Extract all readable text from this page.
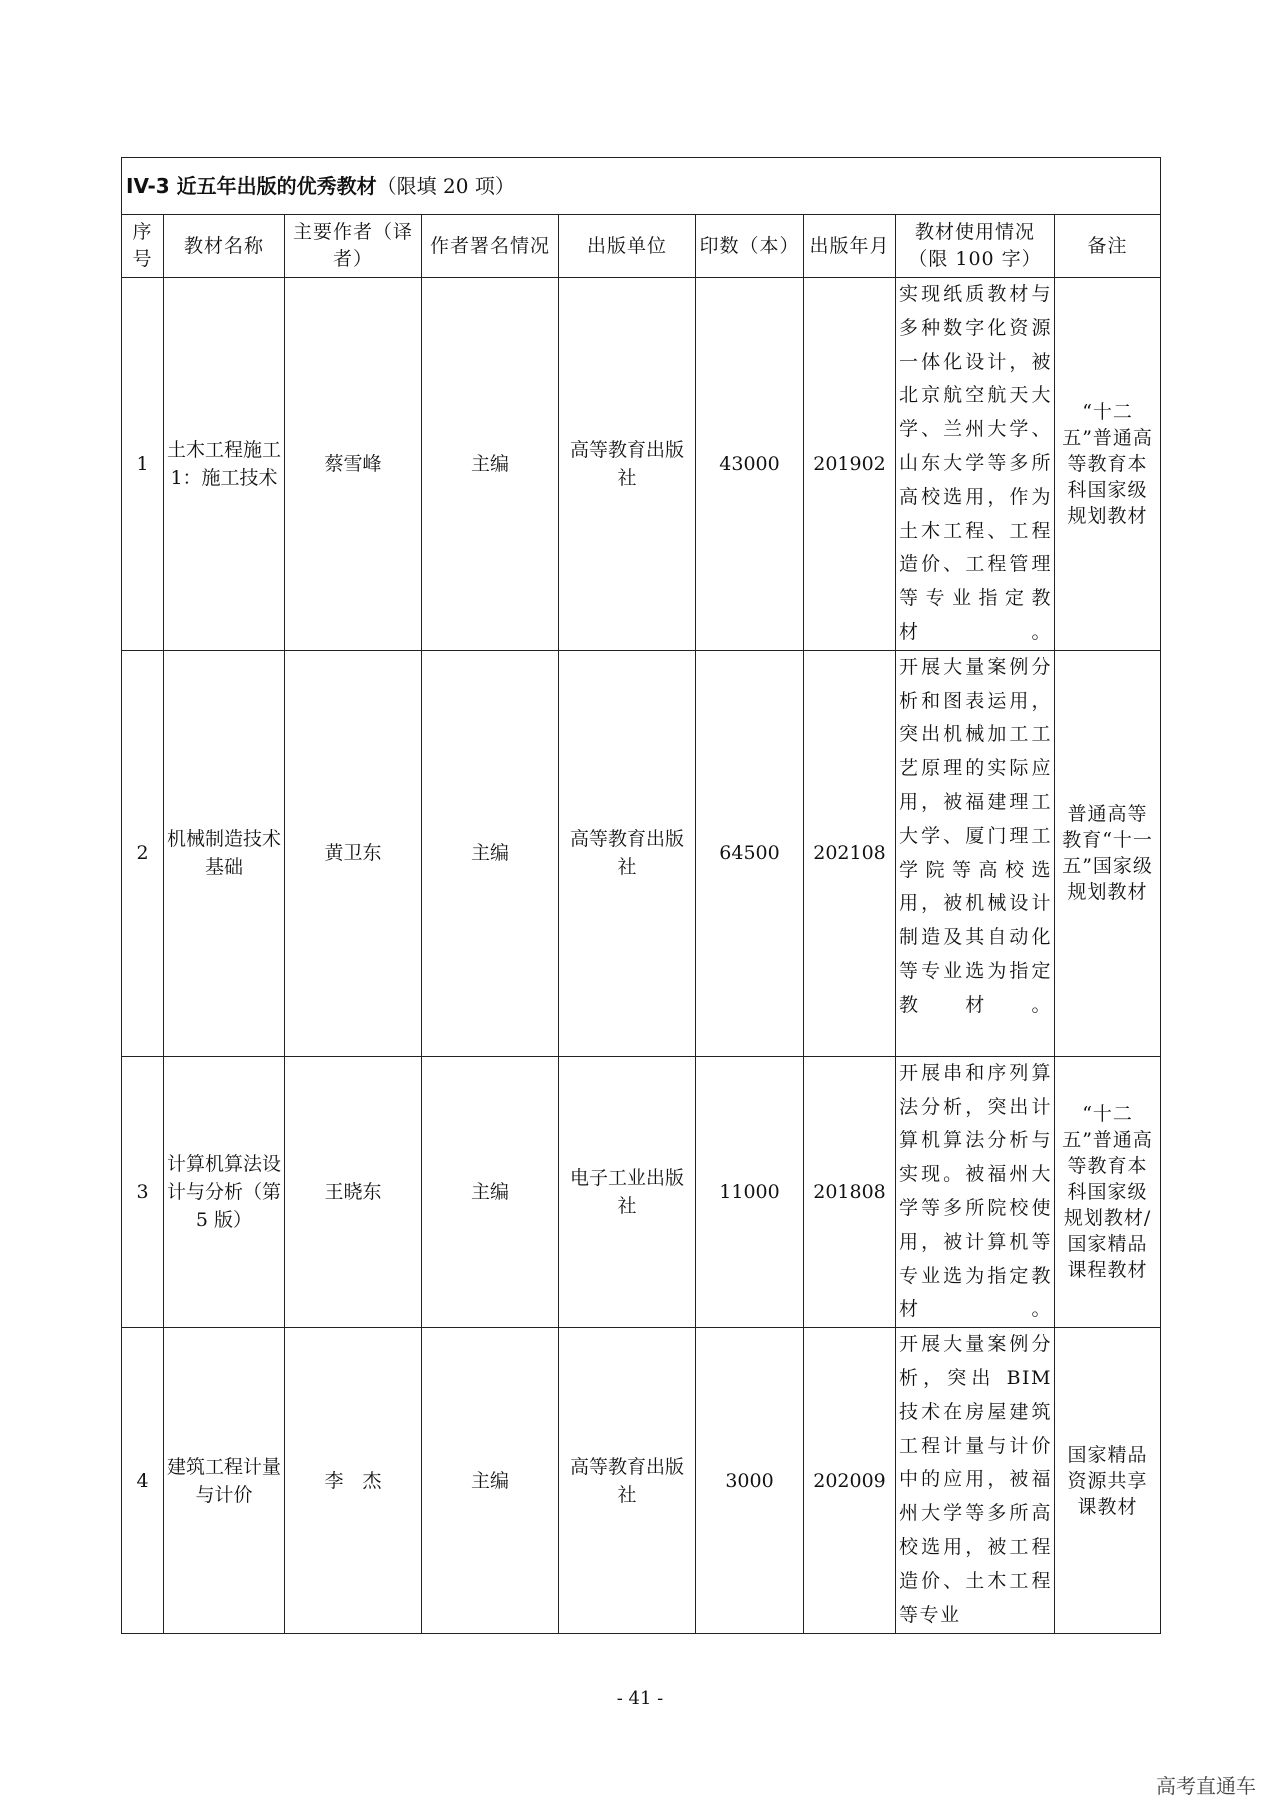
IV-3 近五年出版的优秀教材（限填 20 项）								
序号	教材名称	主要作者（译者）	作者署名情况	出版单位	印数（本）	出版年月	教材使用情况（限 100 字）	备注
1	土木工程施工 1：施工技术	蔡雪峰	主编	高等教育出版社	43000	201902	实现纸质教材与多种数字化资源一体化设计，被北京航空航天大学、兰州大学、山东大学等多所高校选用，作为土木工程、工程造价、工程管理等专业指定教材。	“十二五”普通高等教育本科国家级规划教材
2	机械制造技术基础	黄卫东	主编	高等教育出版社	64500	202108	开展大量案例分析和图表运用，突出机械加工工艺原理的实际应用，被福建理工大学、厦门理工学院等高校选用，被机械设计制造及其自动化等专业选为指定教材。	普通高等教育“十一五”国家级规划教材
3	计算机算法设计与分析（第 5 版）	王晓东	主编	电子工业出版社	11000	201808	开展串和序列算法分析，突出计算机算法分析与实现。被福州大学等多所院校使用，被计算机等专业选为指定教材。	“十二五”普通高等教育本科国家级规划教材/国家精品课程教材
4	建筑工程计量与计价	李　杰	主编	高等教育出版社	3000	202009	开展大量案例分析，突出 BIM 技术在房屋建筑工程计量与计价中的应用，被福州大学等多所高校选用，被工程造价、土木工程等专业	国家精品资源共享课教材
- 41 -
高考直通车
